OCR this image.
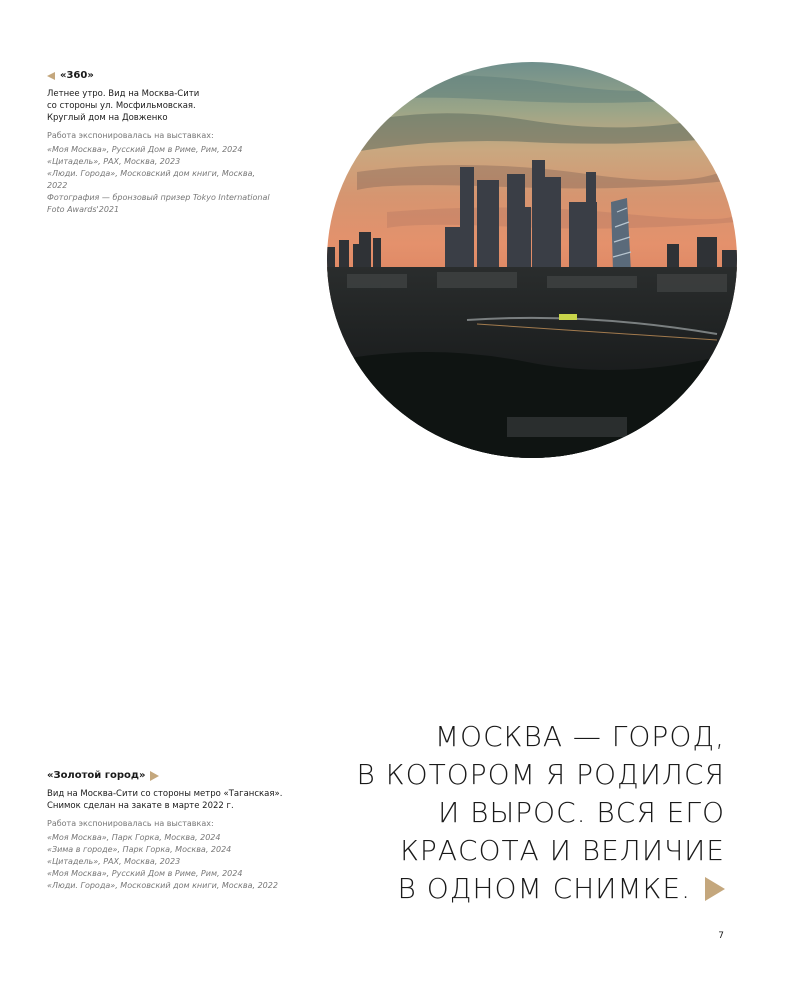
«360»
Летнее утро. Вид на Москва-Сити
со стороны ул. Мосфильмовская.
Круглый дом на Довженко
Работа экспонировалась на выставках:
«Моя Москва», Русский Дом в Риме, Рим, 2024
«Цитадель», РАХ, Москва, 2023
«Люди. Города», Московский дом книги, Москва,
2022
Фотография — бронзовый призер Tokyo International
Foto Awards'2021
«Золотой город»
Вид на Москва-Сити со стороны метро «Таганская».
Снимок сделан на закате в марте 2022 г.
Работа экспонировалась на выставках:
«Моя Москва», Парк Горка, Москва, 2024
«Зима в городе», Парк Горка, Москва, 2024
«Цитадель», РАХ, Москва, 2023
«Моя Москва», Русский Дом в Риме, Рим, 2024
«Люди. Города», Московский дом книги, Москва, 2022
МОСКВА — ГОРОД,
В КОТОРОМ Я РОДИЛСЯ
И ВЫРОС. ВСЯ ЕГО
КРАСОТА И ВЕЛИЧИЕ
В ОДНОМ СНИМКЕ.
7
